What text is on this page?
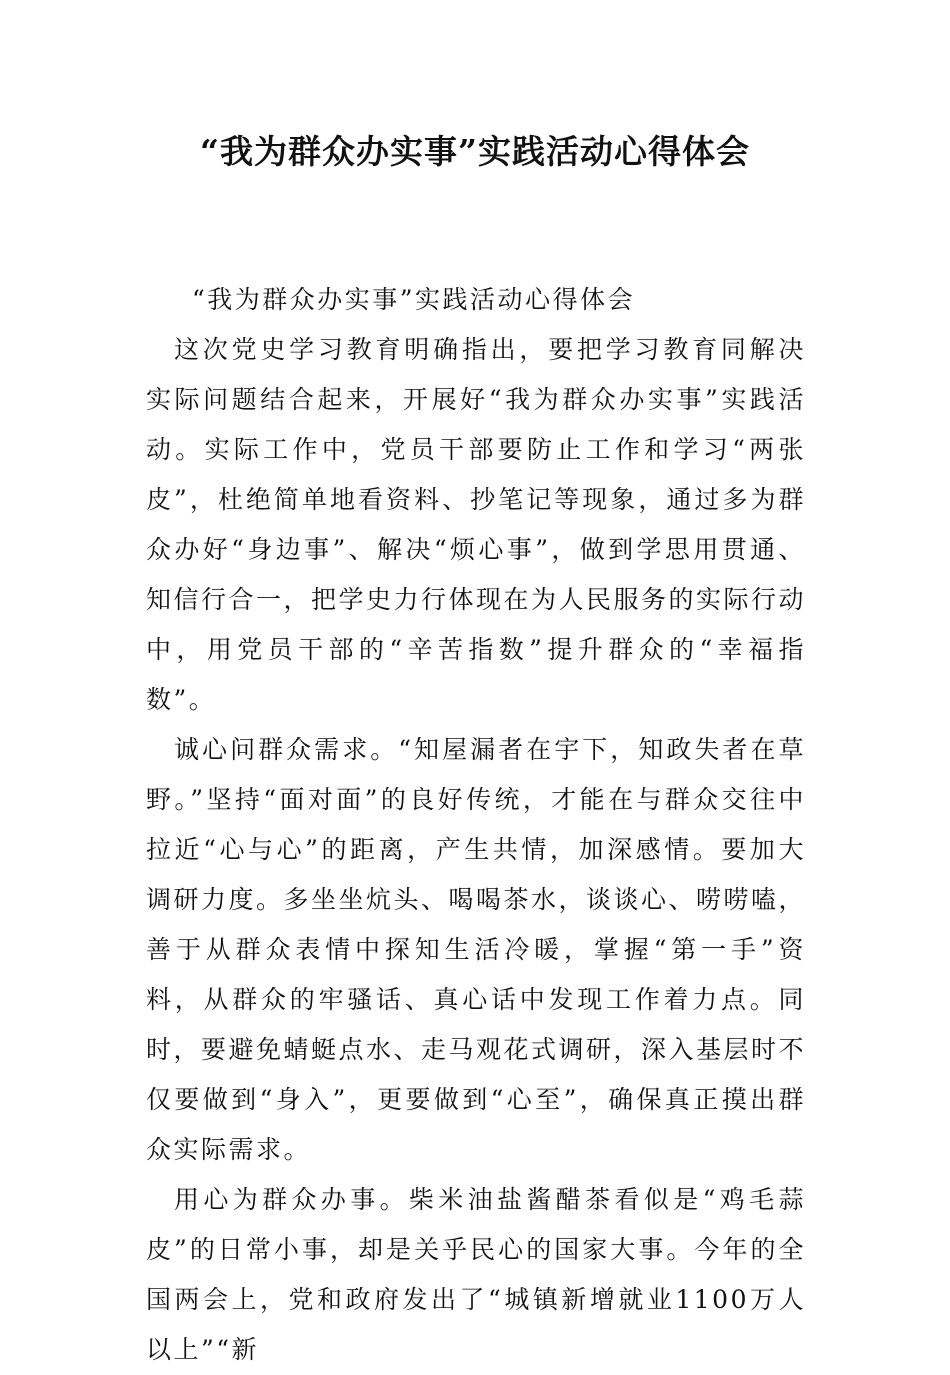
“我为群众办实事”实践活动心得体会

“我为群众办实事”实践活动心得体会

这次党史学习教育明确指出，要把学习教育同解决实际问题结合起来，开展好“我为群众办实事”实践活动。实际工作中，党员干部要防止工作和学习“两张皮”，杜绝简单地看资料、抄笔记等现象，通过多为群众办好“身边事”、解决“烦心事”，做到学思用贯通、知信行合一，把学史力行体现在为人民服务的实际行动中，用党员干部的“辛苦指数”提升群众的“幸福指数”。

诚心问群众需求。“知屋漏者在宇下，知政失者在草野。”坚持“面对面”的良好传统，才能在与群众交往中拉近“心与心”的距离，产生共情，加深感情。要加大调研力度。多坐坐炕头、喝喝茶水，谈谈心、唠唠嗑，善于从群众表情中探知生活冷暖，掌握“第一手”资料，从群众的牢骚话、真心话中发现工作着力点。同时，要避免蜻蜓点水、走马观花式调研，深入基层时不仅要做到“身入”，更要做到“心至”，确保真正摸出群众实际需求。

用心为群众办事。柴米油盐酱醋茶看似是“鸡毛蒜皮”的日常小事，却是关乎民心的国家大事。今年的全国两会上，党和政府发出了“城镇新增就业1100万人以上”“新
